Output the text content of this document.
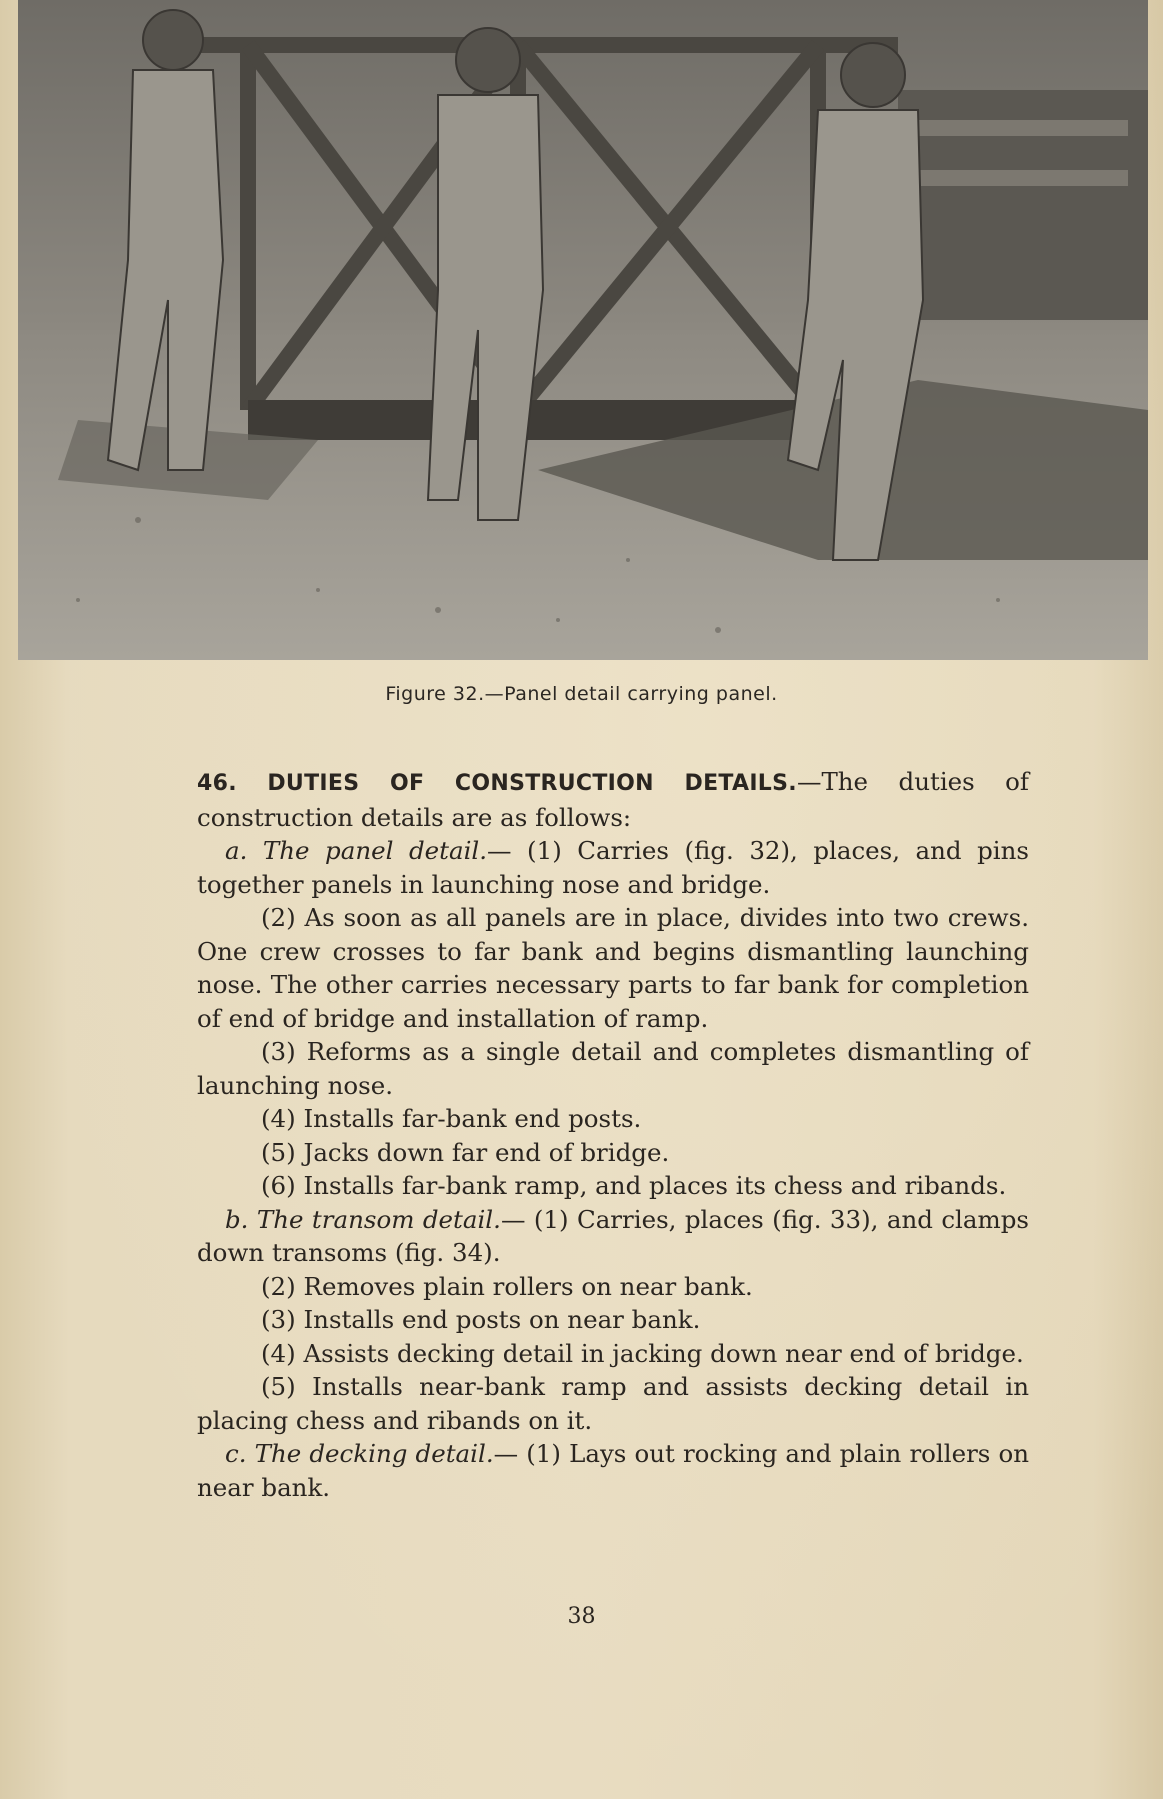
Figure 32.—Panel detail carrying panel.

46. DUTIES OF CONSTRUCTION DETAILS.—The duties of construction details are as follows:

a. The panel detail.— (1) Carries (fig. 32), places, and pins together panels in launching nose and bridge.

(2) As soon as all panels are in place, divides into two crews. One crew crosses to far bank and begins dismantling launching nose. The other carries necessary parts to far bank for completion of end of bridge and installation of ramp.

(3) Reforms as a single detail and completes dismantling of launching nose.

(4) Installs far-bank end posts.

(5) Jacks down far end of bridge.

(6) Installs far-bank ramp, and places its chess and ribands.

b. The transom detail.— (1) Carries, places (fig. 33), and clamps down transoms (fig. 34).

(2) Removes plain rollers on near bank.

(3) Installs end posts on near bank.

(4) Assists decking detail in jacking down near end of bridge.

(5) Installs near-bank ramp and assists decking detail in placing chess and ribands on it.

c. The decking detail.— (1) Lays out rocking and plain rollers on near bank.

38
